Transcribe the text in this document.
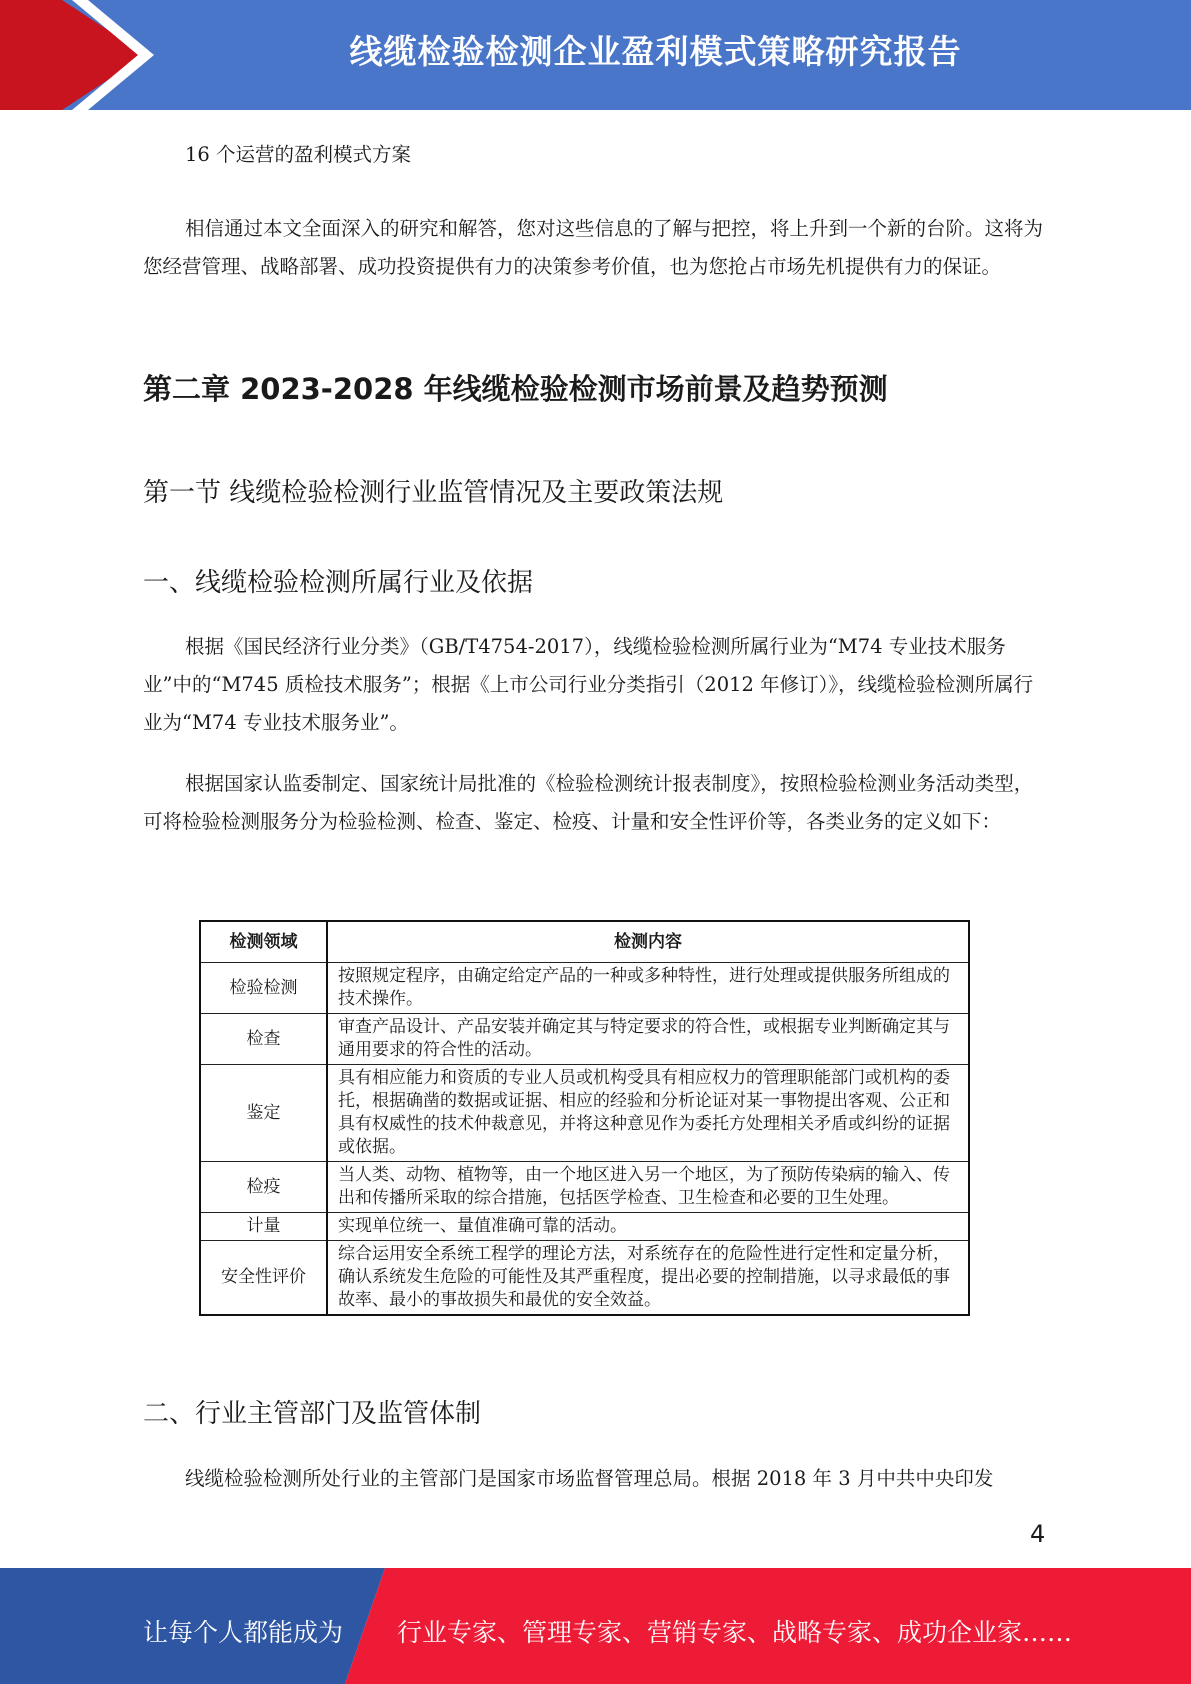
线缆检验检测企业盈利模式策略研究报告
16 个运营的盈利模式方案
相信通过本文全面深入的研究和解答，您对这些信息的了解与把控，将上升到一个新的台阶。这将为您经营管理、战略部署、成功投资提供有力的决策参考价值，也为您抢占市场先机提供有力的保证。
第二章 2023-2028 年线缆检验检测市场前景及趋势预测
第一节 线缆检验检测行业监管情况及主要政策法规
一、线缆检验检测所属行业及依据
根据《国民经济行业分类》（GB/T4754-2017），线缆检验检测所属行业为“M74 专业技术服务业”中的“M745 质检技术服务”；根据《上市公司行业分类指引（2012 年修订）》，线缆检验检测所属行业为“M74 专业技术服务业”。
根据国家认监委制定、国家统计局批准的《检验检测统计报表制度》，按照检验检测业务活动类型，可将检验检测服务分为检验检测、检查、鉴定、检疫、计量和安全性评价等，各类业务的定义如下：
二、行业主管部门及监管体制
线缆检验检测所处行业的主管部门是国家市场监督管理总局。根据 2018 年 3 月中共中央印发
检测领域	检测内容
检验检测	按照规定程序，由确定给定产品的一种或多种特性，进行处理或提供服务所组成的技术操作。
检查	审查产品设计、产品安装并确定其与特定要求的符合性，或根据专业判断确定其与通用要求的符合性的活动。
鉴定	具有相应能力和资质的专业人员或机构受具有相应权力的管理职能部门或机构的委托，根据确凿的数据或证据、相应的经验和分析论证对某一事物提出客观、公正和具有权威性的技术仲裁意见，并将这种意见作为委托方处理相关矛盾或纠纷的证据或依据。
检疫	当人类、动物、植物等，由一个地区进入另一个地区，为了预防传染病的输入、传出和传播所采取的综合措施，包括医学检查、卫生检查和必要的卫生处理。
计量	实现单位统一、量值准确可靠的活动。
安全性评价	综合运用安全系统工程学的理论方法，对系统存在的危险性进行定性和定量分析，确认系统发生危险的可能性及其严重程度，提出必要的控制措施，以寻求最低的事故率、最小的事故损失和最优的安全效益。
4
让每个人都能成为 行业专家、管理专家、营销专家、战略专家、成功企业家……
